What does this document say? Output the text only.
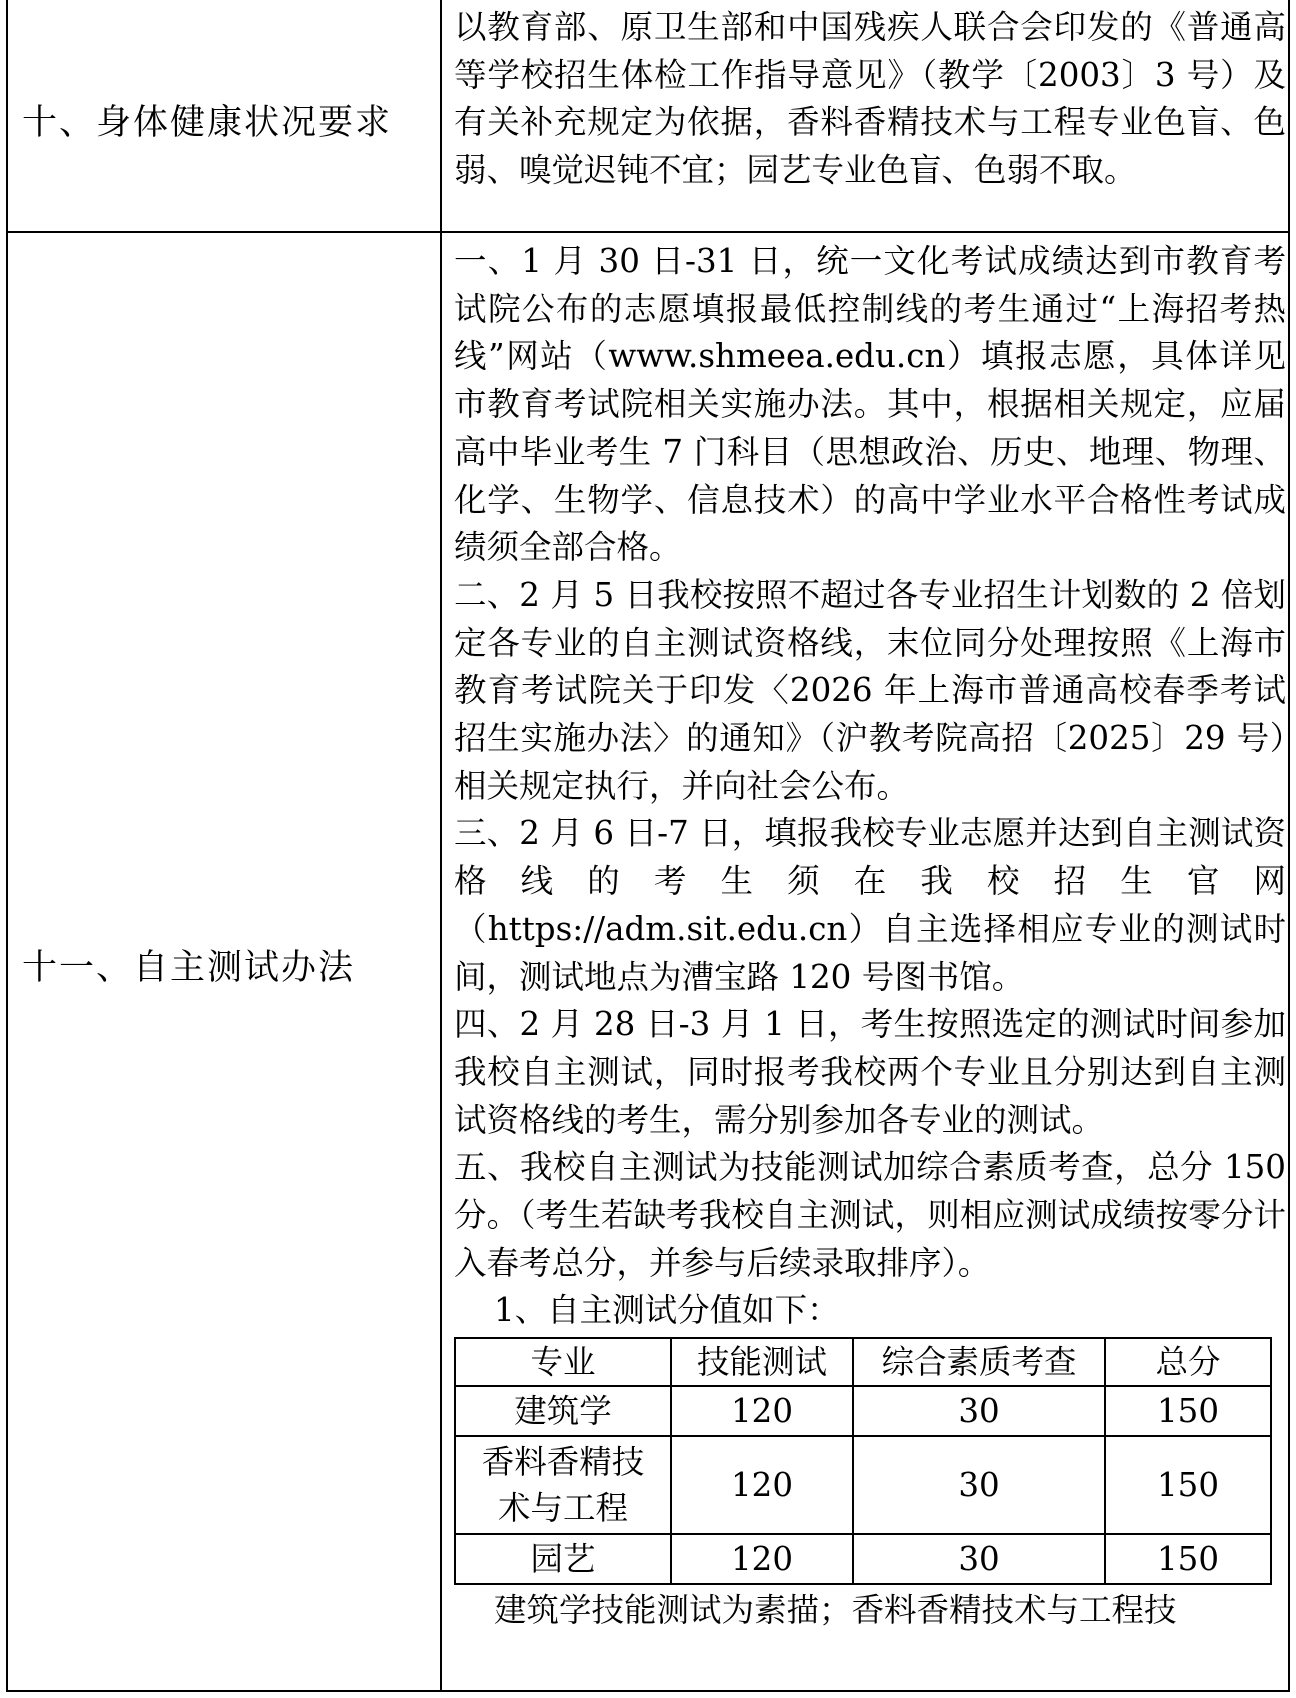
十、身体健康状况要求

以教育部、原卫生部和中国残疾人联合会印发的《普通高等学校招生体检工作指导意见》（教学〔2003〕3 号）及有关补充规定为依据，香料香精技术与工程专业色盲、色弱、嗅觉迟钝不宜；园艺专业色盲、色弱不取。

十一、自主测试办法

一、1 月 30 日-31 日，统一文化考试成绩达到市教育考试院公布的志愿填报最低控制线的考生通过“上海招考热线”网站（www.shmeea.edu.cn）填报志愿，具体详见市教育考试院相关实施办法。其中，根据相关规定，应届高中毕业考生 7 门科目（思想政治、历史、地理、物理、化学、生物学、信息技术）的高中学业水平合格性考试成绩须全部合格。

二、2 月 5 日我校按照不超过各专业招生计划数的 2 倍划定各专业的自主测试资格线，末位同分处理按照《上海市教育考试院关于印发〈2026 年上海市普通高校春季考试招生实施办法〉的通知》（沪教考院高招〔2025〕29 号）相关规定执行，并向社会公布。

三、2 月 6 日-7 日，填报我校专业志愿并达到自主测试资格线的考生须在我校招生官网

（https://adm.sit.edu.cn）自主选择相应专业的测试时间，测试地点为漕宝路 120 号图书馆。

四、2 月 28 日-3 月 1 日，考生按照选定的测试时间参加我校自主测试，同时报考我校两个专业且分别达到自主测试资格线的考生，需分别参加各专业的测试。

五、我校自主测试为技能测试加综合素质考查，总分 150 分。（考生若缺考我校自主测试，则相应测试成绩按零分计入春考总分，并参与后续录取排序）。

1、自主测试分值如下：

专业	技能测试	综合素质考查	总分
建筑学	120	30	150
香料香精技术与工程	120	30	150
园艺	120	30	150

建筑学技能测试为素描；香料香精技术与工程技
